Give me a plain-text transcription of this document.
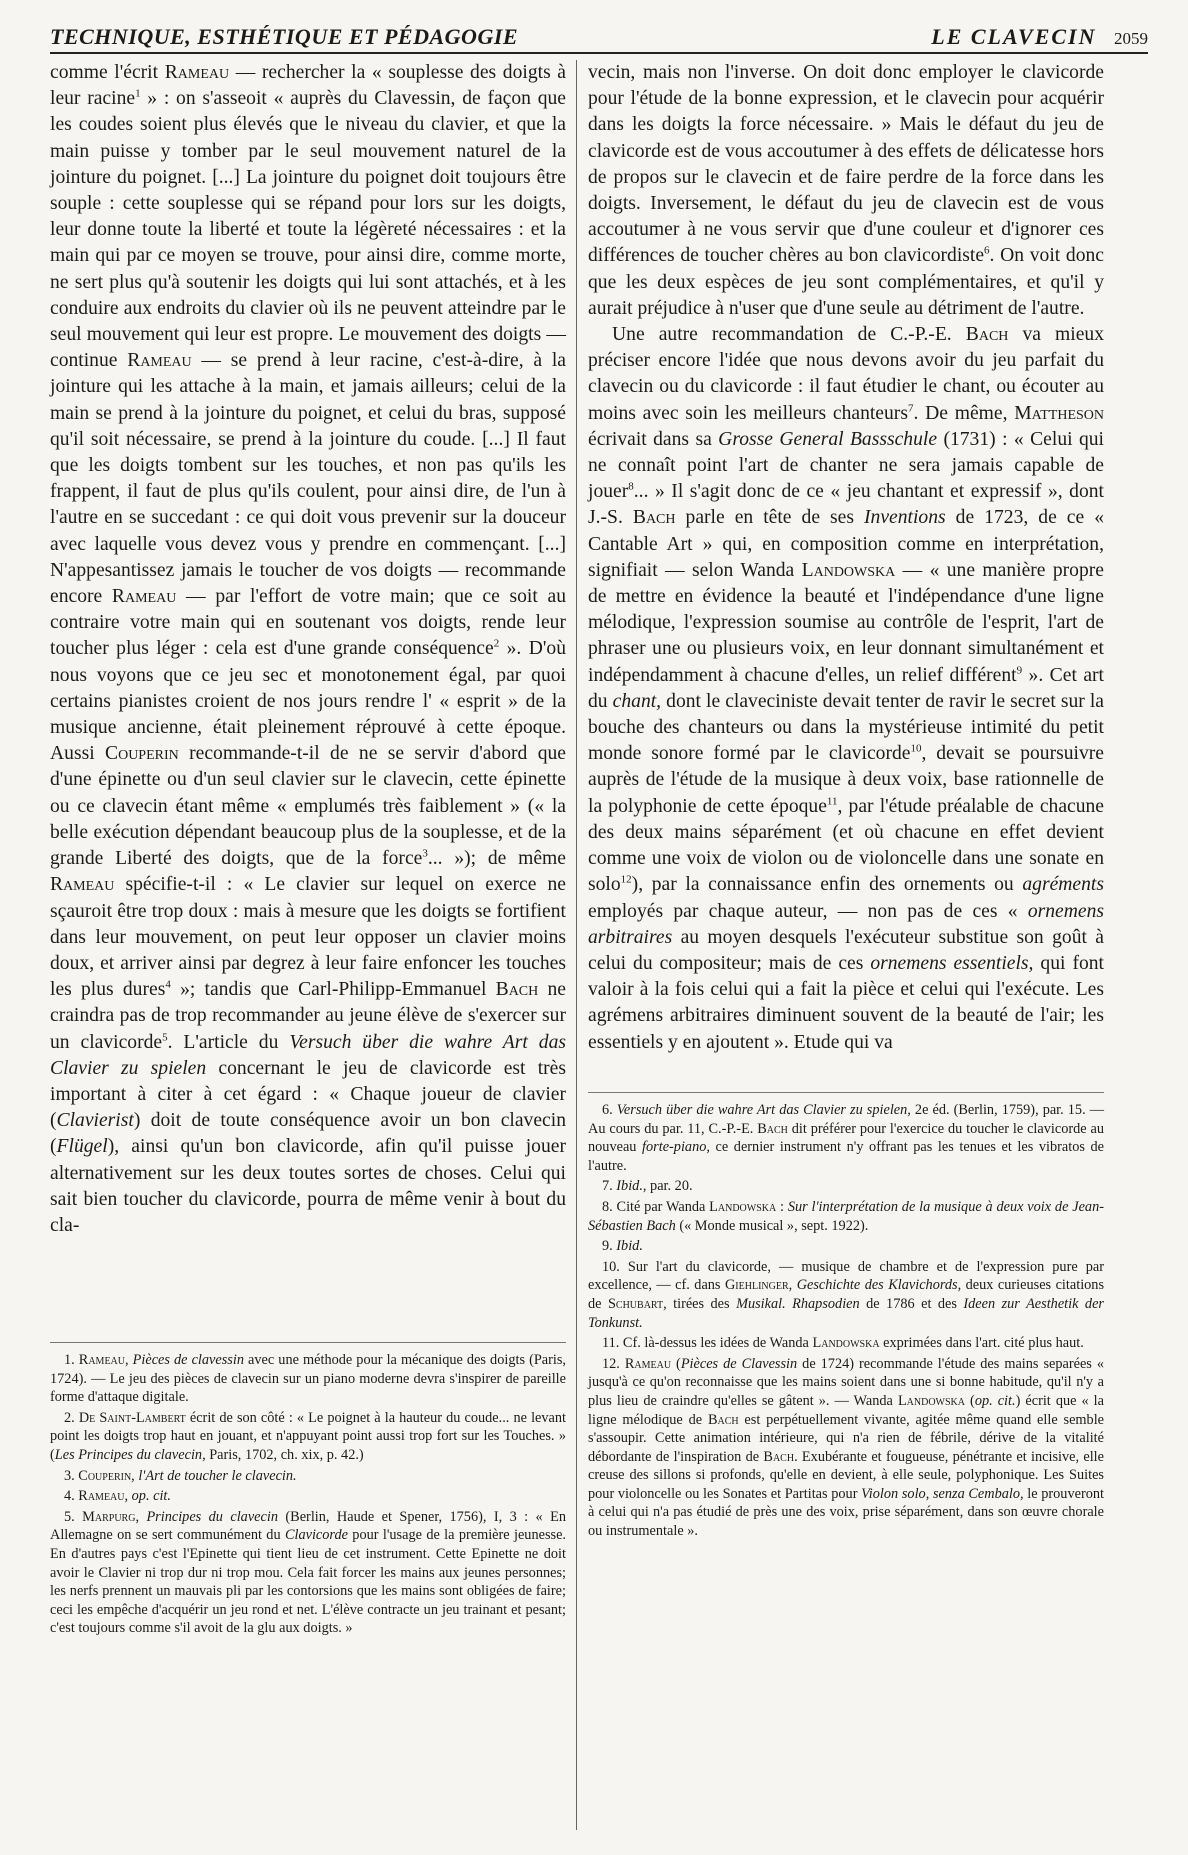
TECHNIQUE, ESTHÉTIQUE ET PÉDAGOGIE	LE CLAVECIN 2059

comme l'écrit Rameau — rechercher la « souplesse des doigts à leur racine$^1$ » : on s'asseoit « auprès du Clavessin, de façon que les coudes soient plus élevés que le niveau du clavier, et que la main puisse y tomber par le seul mouvement naturel de la jointure du poignet. [...] La jointure du poignet doit toujours être souple : cette souplesse qui se répand pour lors sur les doigts, leur donne toute la liberté et toute la légèreté nécessaires : et la main qui par ce moyen se trouve, pour ainsi dire, comme morte, ne sert plus qu'à soutenir les doigts qui lui sont attachés, et à les conduire aux endroits du clavier où ils ne peuvent atteindre par le seul mouvement qui leur est propre. Le mouvement des doigts — continue Rameau — se prend à leur racine, c'est-à-dire, à la jointure qui les attache à la main, et jamais ailleurs; celui de la main se prend à la jointure du poignet, et celui du bras, supposé qu'il soit nécessaire, se prend à la jointure du coude. [...] Il faut que les doigts tombent sur les touches, et non pas qu'ils les frappent, il faut de plus qu'ils coulent, pour ainsi dire, de l'un à l'autre en se succedant : ce qui doit vous prevenir sur la douceur avec laquelle vous devez vous y prendre en commençant. [...] N'appesantissez jamais le toucher de vos doigts — recommande encore Rameau — par l'effort de votre main; que ce soit au contraire votre main qui en soutenant vos doigts, rende leur toucher plus léger : cela est d'une grande conséquence$^2$ ». D'où nous voyons que ce jeu sec et monotonement égal, par quoi certains pianistes croient de nos jours rendre l' « esprit » de la musique ancienne, était pleinement réprouvé à cette époque. Aussi Couperin recommande-t-il de ne se servir d'abord que d'une épinette ou d'un seul clavier sur le clavecin, cette épinette ou ce clavecin étant même « emplumés très faiblement » (« la belle exécution dépendant beaucoup plus de la souplesse, et de la grande Liberté des doigts, que de la force$^3$... »); de même Rameau spécifie-t-il : « Le clavier sur lequel on exerce ne sçauroit être trop doux : mais à mesure que les doigts se fortifient dans leur mouvement, on peut leur opposer un clavier moins doux, et arriver ainsi par degrez à leur faire enfoncer les touches les plus dures$^4$ »; tandis que Carl-Philipp-Emmanuel Bach ne craindra pas de trop recommander au jeune élève de s'exercer sur un clavicorde$^5$. L'article du Versuch über die wahre Art das Clavier zu spielen concernant le jeu de clavicorde est très important à citer à cet égard : « Chaque joueur de clavier (Clavierist) doit de toute conséquence avoir un bon clavecin (Flügel), ainsi qu'un bon clavicorde, afin qu'il puisse jouer alternativement sur les deux toutes sortes de choses. Celui qui sait bien toucher du clavicorde, pourra de même venir à bout du cla-

vecin, mais non l'inverse. On doit donc employer le clavicorde pour l'étude de la bonne expression, et le clavecin pour acquérir dans les doigts la force nécessaire. » Mais le défaut du jeu de clavicorde est de vous accoutumer à des effets de délicatesse hors de propos sur le clavecin et de faire perdre de la force dans les doigts. Inversement, le défaut du jeu de clavecin est de vous accoutumer à ne vous servir que d'une couleur et d'ignorer ces différences de toucher chères au bon clavicordiste$^6$. On voit donc que les deux espèces de jeu sont complémentaires, et qu'il y aurait préjudice à n'user que d'une seule au détriment de l'autre.

Une autre recommandation de C.-P.-E. Bach va mieux préciser encore l'idée que nous devons avoir du jeu parfait du clavecin ou du clavicorde : il faut étudier le chant, ou écouter au moins avec soin les meilleurs chanteurs$^7$. De même, Mattheson écrivait dans sa Grosse General Bassschule (1731) : « Celui qui ne connaît point l'art de chanter ne sera jamais capable de jouer$^8$... » Il s'agit donc de ce « jeu chantant et expressif », dont J.-S. Bach parle en tête de ses Inventions de 1723, de ce « Cantable Art » qui, en composition comme en interprétation, signifiait — selon Wanda Landowska — « une manière propre de mettre en évidence la beauté et l'indépendance d'une ligne mélodique, l'expression soumise au contrôle de l'esprit, l'art de phraser une ou plusieurs voix, en leur donnant simultanément et indépendamment à chacune d'elles, un relief différent$^9$ ». Cet art du chant, dont le claveciniste devait tenter de ravir le secret sur la bouche des chanteurs ou dans la mystérieuse intimité du petit monde sonore formé par le clavicorde$^{10}$, devait se poursuivre auprès de l'étude de la musique à deux voix, base rationnelle de la polyphonie de cette époque$^{11}$, par l'étude préalable de chacune des deux mains séparément (et où chacune en effet devient comme une voix de violon ou de violoncelle dans une sonate en solo$^{12}$), par la connaissance enfin des ornements ou agréments employés par chaque auteur, — non pas de ces « ornemens arbitraires au moyen desquels l'exécuteur substitue son goût à celui du compositeur; mais de ces ornemens essentiels, qui font valoir à la fois celui qui a fait la pièce et celui qui l'exécute. Les agrémens arbitraires diminuent souvent de la beauté de l'air; les essentiels y en ajoutent ». Etude qui va

1. Rameau, Pièces de clavessin avec une méthode pour la mécanique des doigts (Paris, 1724). — Le jeu des pièces de clavecin sur un piano moderne devra s'inspirer de pareille forme d'attaque digitale.

2. De Saint-Lambert écrit de son côté : « Le poignet à la hauteur du coude... ne levant point les doigts trop haut en jouant, et n'appuyant point aussi trop fort sur les Touches. » (Les Principes du clavecin, Paris, 1702, ch. xix, p. 42.)

3. Couperin, l'Art de toucher le clavecin.

4. Rameau, op. cit.

5. Marpurg, Principes du clavecin (Berlin, Haude et Spener, 1756), I, 3 : « En Allemagne on se sert communément du Clavicorde pour l'usage de la première jeunesse. En d'autres pays c'est l'Epinette qui tient lieu de cet instrument. Cette Epinette ne doit avoir le Clavier ni trop dur ni trop mou. Cela fait forcer les mains aux jeunes personnes; les nerfs prennent un mauvais pli par les contorsions que les mains sont obligées de faire; ceci les empêche d'acquérir un jeu rond et net. L'élève contracte un jeu trainant et pesant; c'est toujours comme s'il avoit de la glu aux doigts. »

6. Versuch über die wahre Art das Clavier zu spielen, 2e éd. (Berlin, 1759), par. 15. — Au cours du par. 11, C.-P.-E. Bach dit préférer pour l'exercice du toucher le clavicorde au nouveau forte-piano, ce dernier instrument n'y offrant pas les tenues et les vibratos de l'autre.

7. Ibid., par. 20.

8. Cité par Wanda Landowska : Sur l'interprétation de la musique à deux voix de Jean-Sébastien Bach (« Monde musical », sept. 1922).

9. Ibid.

10. Sur l'art du clavicorde, — musique de chambre et de l'expression pure par excellence, — cf. dans Giehlinger, Geschichte des Klavichords, deux curieuses citations de Schubart, tirées des Musikal. Rhapsodien de 1786 et des Ideen zur Aesthetik der Tonkunst.

11. Cf. là-dessus les idées de Wanda Landowska exprimées dans l'art. cité plus haut.

12. Rameau (Pièces de Clavessin de 1724) recommande l'étude des mains separées « jusqu'à ce qu'on reconnaisse que les mains soient dans une si bonne habitude, qu'il n'y a plus lieu de craindre qu'elles se gâtent ». — Wanda Landowska (op. cit.) écrit que « la ligne mélodique de Bach est perpétuellement vivante, agitée même quand elle semble s'assoupir. Cette animation intérieure, qui n'a rien de fébrile, dérive de la vitalité débordante de l'inspiration de Bach. Exubérante et fougueuse, pénétrante et incisive, elle creuse des sillons si profonds, qu'elle en devient, à elle seule, polyphonique. Les Suites pour violoncelle ou les Sonates et Partitas pour Violon solo, senza Cembalo, le prouveront à celui qui n'a pas étudié de près une des voix, prise séparément, dans son œuvre chorale ou instrumentale ».
